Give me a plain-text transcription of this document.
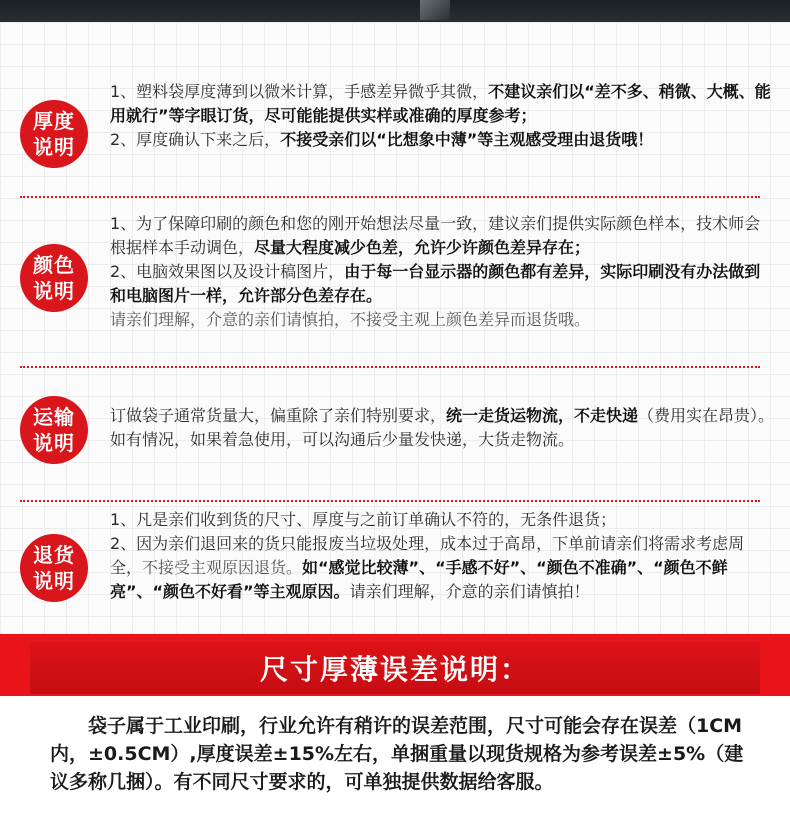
厚度
说明

1、塑料袋厚度薄到以微米计算，手感差异微乎其微，不建议亲们以“差不多、稍微、大概、能用就行”等字眼订货，尽可能能提供实样或准确的厚度参考；

2、厚度确认下来之后，不接受亲们以“比想象中薄”等主观感受理由退货哦！

颜色
说明

1、为了保障印刷的颜色和您的刚开始想法尽量一致，建议亲们提供实际颜色样本，技术师会根据样本手动调色，尽量大程度减少色差，允许少许颜色差异存在；

2、电脑效果图以及设计稿图片，由于每一台显示器的颜色都有差异，实际印刷没有办法做到和电脑图片一样，允许部分色差存在。

请亲们理解，介意的亲们请慎拍，不接受主观上颜色差异而退货哦。

运输
说明

订做袋子通常货量大，偏重除了亲们特别要求，统一走货运物流，不走快递（费用实在昂贵）。如有情况，如果着急使用，可以沟通后少量发快递，大货走物流。

退货
说明

1、凡是亲们收到货的尺寸、厚度与之前订单确认不符的，无条件退货；

2、因为亲们退回来的货只能报废当垃圾处理，成本过于高昂，下单前请亲们将需求考虑周全，不接受主观原因退货。如“感觉比较薄”、“手感不好”、“颜色不准确”、“颜色不鲜亮”、“颜色不好看”等主观原因。请亲们理解，介意的亲们请慎拍！

尺寸厚薄误差说明：

袋子属于工业印刷，行业允许有稍许的误差范围，尺寸可能会存在误差（1CM内，±0.5CM）,厚度误差±15%左右，单捆重量以现货规格为参考误差±5%（建议多称几捆）。有不同尺寸要求的，可单独提供数据给客服。
